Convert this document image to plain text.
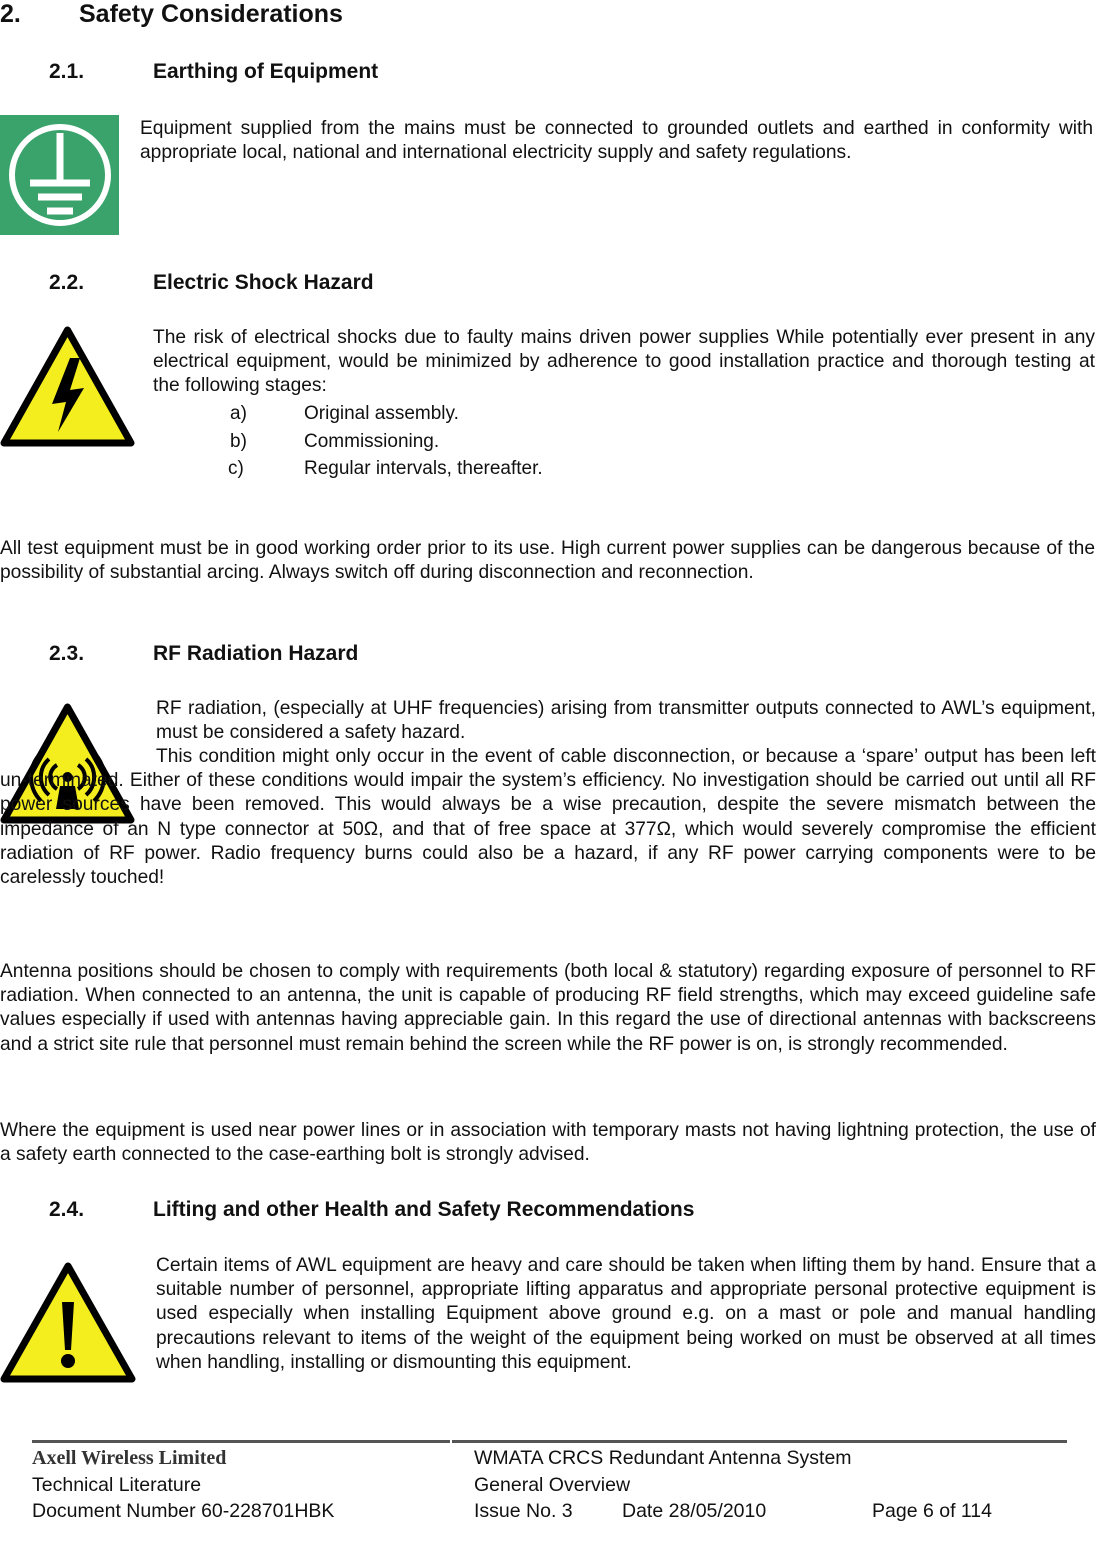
2. Safety Considerations
2.1.	Earthing of Equipment
Equipment supplied from the mains must be connected to grounded outlets and earthed in conformity with appropriate local, national and international electricity supply and safety regulations.
2.2.	Electric Shock Hazard
The risk of electrical shocks due to faulty mains driven power supplies While potentially ever present in any electrical equipment, would be minimized by adherence to good installation practice and thorough testing at the following stages:
a)	Original assembly.
b)	Commissioning.
c)	Regular intervals, thereafter.
All test equipment must be in good working order prior to its use. High current power supplies can be dangerous because of the possibility of substantial arcing. Always switch off during disconnection and reconnection.
2.3.	RF Radiation Hazard
RF radiation, (especially at UHF frequencies) arising from transmitter outputs connected to AWL’s equipment, must be considered a safety hazard.
This condition might only occur in the event of cable disconnection, or because a ‘spare’ output has been left un-terminated. Either of these conditions would impair the system’s efficiency. No investigation should be carried out until all RF power sources have been removed. This would always be a wise precaution, despite the severe mismatch between the impedance of an N type connector at 50Ω, and that of free space at 377Ω, which would severely compromise the efficient radiation of RF power. Radio frequency burns could also be a hazard, if any RF power carrying components were to be carelessly touched!
Antenna positions should be chosen to comply with requirements (both local & statutory) regarding exposure of personnel to RF radiation. When connected to an antenna, the unit is capable of producing RF field strengths, which may exceed guideline safe values especially if used with antennas having appreciable gain. In this regard the use of directional antennas with backscreens and a strict site rule that personnel must remain behind the screen while the RF power is on, is strongly recommended.
Where the equipment is used near power lines or in association with temporary masts not having lightning protection, the use of a safety earth connected to the case-earthing bolt is strongly advised.
2.4.	Lifting and other Health and Safety Recommendations
Certain items of AWL equipment are heavy and care should be taken when lifting them by hand. Ensure that a suitable number of personnel, appropriate lifting apparatus and appropriate personal protective equipment is used especially when installing Equipment above ground e.g. on a mast or pole and manual handling precautions relevant to items of the weight of the equipment being worked on must be observed at all times when handling, installing or dismounting this equipment.
Axell Wireless Limited
Technical Literature
Document Number 60-228701HBK
WMATA CRCS Redundant Antenna System
General Overview
Issue No. 3	Date 28/05/2010	Page 6 of 114
